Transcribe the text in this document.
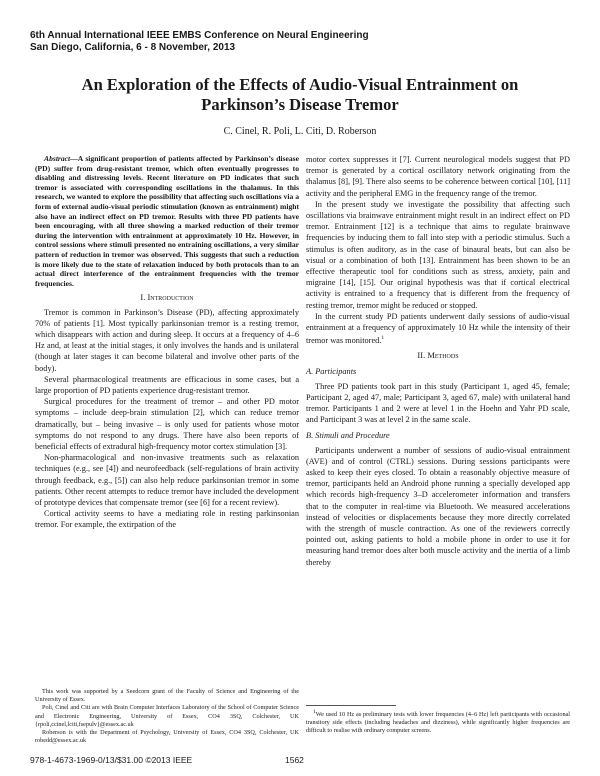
6th Annual International IEEE EMBS Conference on Neural Engineering
San Diego, California, 6 - 8 November, 2013
An Exploration of the Effects of Audio-Visual Entrainment on
Parkinson’s Disease Tremor
C. Cinel, R. Poli, L. Citi, D. Roberson

Abstract—A significant proportion of patients affected by Parkinson’s disease (PD) suffer from drug-resistant tremor, which often eventually progresses to disabling and distressing levels. Recent literature on PD indicates that such tremor is associated with corresponding oscillations in the thalamus. In this research, we wanted to explore the possibility that affecting such oscillations via a form of external audio-visual periodic stimulation (known as entrainment) might also have an indirect effect on PD tremor. Results with three PD patients have been encouraging, with all three showing a marked reduction of their tremor during the intervention with entrainment at approximately 10 Hz. However, in control sessions where stimuli presented no entraining oscillations, a very similar pattern of reduction in tremor was observed. This suggests that such a reduction is more likely due to the state of relaxation induced by both protocols than to an actual direct interference of the entrainment frequencies with the tremor frequencies.

I. Introduction

Tremor is common in Parkinson’s Disease (PD), affecting approximately 70% of patients [1]. Most typically parkinsonian tremor is a resting tremor, which disappears with action and during sleep. It occurs at a frequency of 4–6 Hz and, at least at the initial stages, it only involves the hands and is unilateral (though at later stages it can become bilateral and involve other parts of the body).

Several pharmacological treatments are efficacious in some cases, but a large proportion of PD patients experience drug-resistant tremor.

Surgical procedures for the treatment of tremor – and other PD motor symptoms – include deep-brain stimulation [2], which can reduce tremor dramatically, but – being invasive – is only used for patients whose motor symptoms do not respond to any drugs. There have also been reports of beneficial effects of extradural high-frequency motor cortex stimulation [3].

Non-pharmacological and non-invasive treatments such as relaxation techniques (e.g., see [4]) and neurofeedback (self-regulations of brain activity through feedback, e.g., [5]) can also help reduce parkinsonian tremor in some patients. Other recent attempts to reduce tremor have included the development of prototype devices that compensate tremor (see [6] for a recent review).

Cortical activity seems to have a mediating role in resting parkinsonian tremor. For example, the extirpation of the

This work was supported by a Seedcorn grant of the Faculty of Science and Engineering of the University of Essex.

Poli, Cinel and Citi are with Brain Computer Interfaces Laboratory of the School of Computer Science and Electronic Engineering, University of Essex, CO4 3SQ, Colchester, UK {rpoli,ccinel,lciti,fsepulv}@essex.ac.uk

Roberson is with the Department of Psychology, University of Essex, CO4 3SQ, Colchester, UK robedd@essex.ac.uk

motor cortex suppresses it [7]. Current neurological models suggest that PD tremor is generated by a cortical oscillatory network originating from the thalamus [8], [9]. There also seems to be coherence between cortical [10], [11] activity and the peripheral EMG in the frequency range of the tremor.

In the present study we investigate the possibility that affecting such oscillations via brainwave entrainment might result in an indirect effect on PD tremor. Entrainment [12] is a technique that aims to regulate brainwave frequencies by inducing them to fall into step with a periodic stimulus. Such a stimulus is often auditory, as in the case of binaural beats, but can also be visual or a combination of both [13]. Entrainment has been shown to be an effective therapeutic tool for conditions such as stress, anxiety, pain and migraine [14], [15]. Our original hypothesis was that if cortical electrical activity is entrained to a frequency that is different from the frequency of resting tremor, tremor might be reduced or stopped.

In the current study PD patients underwent daily sessions of audio-visual entrainment at a frequency of approximately 10 Hz while the intensity of their tremor was monitored.$^1$

II. Methods
A. Participants

Three PD patients took part in this study (Participant 1, aged 45, female; Participant 2, aged 47, male; Participant 3, aged 67, male) with unilateral hand tremor. Participants 1 and 2 were at level 1 in the Hoehn and Yahr PD scale, and Participant 3 was at level 2 in the same scale.

B. Stimuli and Procedure

Participants underwent a number of sessions of audio-visual entrainment (AVE) and of control (CTRL) sessions. During sessions participants were asked to keep their eyes closed. To obtain a reasonably objective measure of tremor, participants held an Android phone running a specially developed app which records high-frequency 3–D accelerometer information and transfers that to the computer in real-time via Bluetooth. We measured accelerations instead of velocities or displacements because they more directly correlated with the strength of muscle contraction. As one of the reviewers correctly pointed out, asking patients to hold a mobile phone in order to use it for measuring hand tremor does alter both muscle activity and the inertia of a limb thereby

$^1$We used 10 Hz as preliminary tests with lower frequencies (4–6 Hz) left participants with occasional transitory side effects (including headaches and dizziness), while significantly higher frequencies are difficult to realise with ordinary computer screens.

978-1-4673-1969-0/13/$31.00 ©2013 IEEE	1562
